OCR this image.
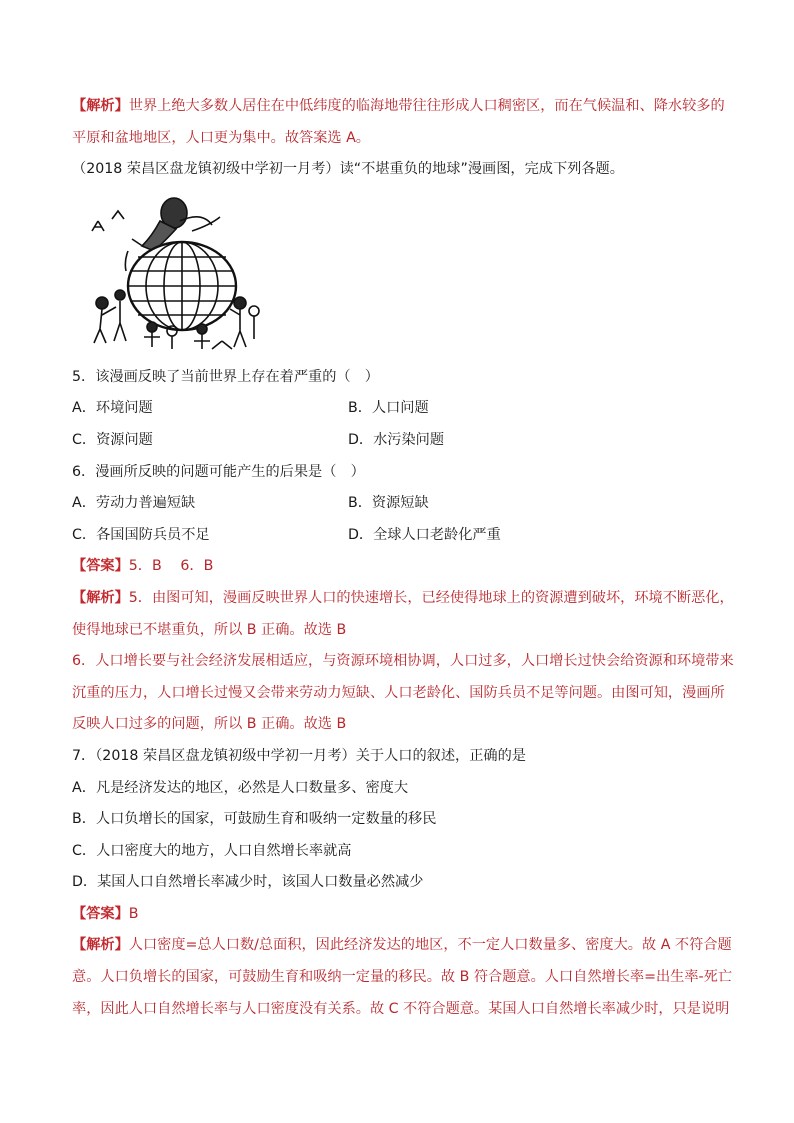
【解析】世界上绝大多数人居住在中低纬度的临海地带往往形成人口稠密区，而在气候温和、降水较多的

平原和盆地地区，人口更为集中。故答案选 A。

（2018 荣昌区盘龙镇初级中学初一月考）读“不堪重负的地球”漫画图，完成下列各题。

5．该漫画反映了当前世界上存在着严重的（　）

A．环境问题	B．人口问题
C．资源问题	D．水污染问题

6．漫画所反映的问题可能产生的后果是（　）

A．劳动力普遍短缺	B．资源短缺
C．各国国防兵员不足	D．全球人口老龄化严重

【答案】5．B　 6．B

【解析】5．由图可知，漫画反映世界人口的快速增长，已经使得地球上的资源遭到破坏，环境不断恶化，

使得地球已不堪重负，所以 B 正确。故选 B

6．人口增长要与社会经济发展相适应，与资源环境相协调，人口过多，人口增长过快会给资源和环境带来

沉重的压力，人口增长过慢又会带来劳动力短缺、人口老龄化、国防兵员不足等问题。由图可知，漫画所

反映人口过多的问题，所以 B 正确。故选 B

7．（2018 荣昌区盘龙镇初级中学初一月考）关于人口的叙述，正确的是

A．凡是经济发达的地区，必然是人口数量多、密度大

B．人口负增长的国家，可鼓励生育和吸纳一定数量的移民

C．人口密度大的地方，人口自然增长率就高

D．某国人口自然增长率减少时，该国人口数量必然减少

【答案】B

【解析】人口密度=总人口数/总面积，因此经济发达的地区，不一定人口数量多、密度大。故 A 不符合题

意。人口负增长的国家，可鼓励生育和吸纳一定量的移民。故 B 符合题意。人口自然增长率=出生率-死亡

率，因此人口自然增长率与人口密度没有关系。故 C 不符合题意。某国人口自然增长率减少时，只是说明
